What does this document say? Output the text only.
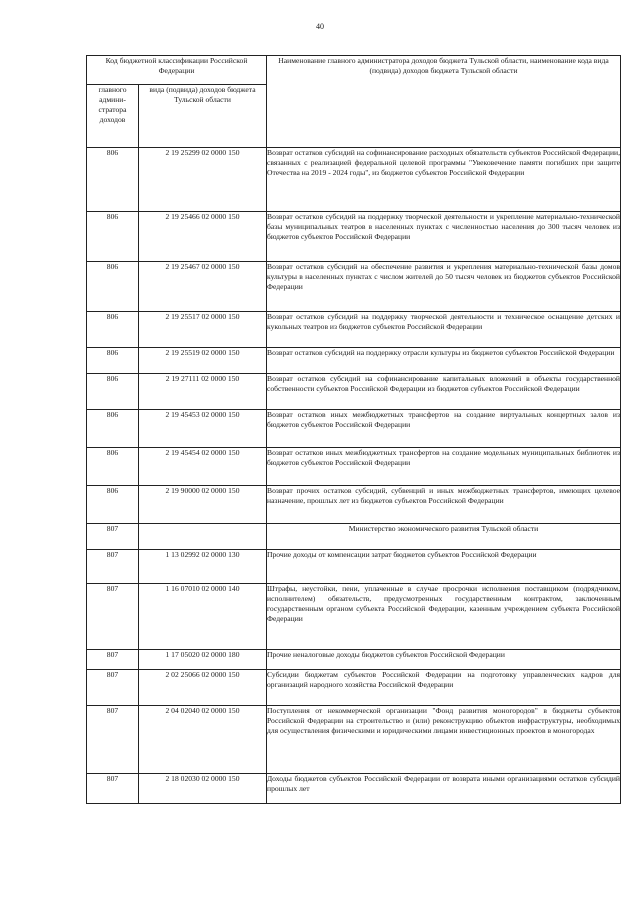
40
Код бюджетной классификации Российской Федерации		Наименование главного администратора доходов бюджета Тульской области, наименование кода вида (подвида) доходов бюджета Тульской области
главного админи-стратора доходов	вида (подвида) доходов бюджета Тульской области	
806	2 19 25299 02 0000 150	Возврат остатков субсидий на софинансирование расходных обязательств субъектов Российской Федерации, связанных с реализацией федеральной целевой программы "Увековечение памяти погибших при защите Отечества на 2019 - 2024 годы", из бюджетов субъектов Российской Федерации
806	2 19 25466 02 0000 150	Возврат остатков субсидий на поддержку творческой деятельности и укрепление материально-технической базы муниципальных театров в населенных пунктах с численностью населения до 300 тысяч человек из бюджетов субъектов Российской Федерации
806	2 19 25467 02 0000 150	Возврат остатков субсидий на обеспечение развития и укрепления материально-технической базы домов культуры в населенных пунктах с числом жителей до 50 тысяч человек из бюджетов субъектов Российской Федерации
806	2 19 25517 02 0000 150	Возврат остатков субсидий на поддержку творческой деятельности и техническое оснащение детских и кукольных театров из бюджетов субъектов Российской Федерации
806	2 19 25519 02 0000 150	Возврат остатков субсидий на поддержку отрасли культуры из бюджетов субъектов Российской Федерации
806	2 19 27111 02 0000 150	Возврат остатков субсидий на софинансирование капитальных вложений в объекты государственной собственности субъектов Российской Федерации из бюджетов субъектов Российской Федерации
806	2 19 45453 02 0000 150	Возврат остатков иных межбюджетных трансфертов на создание виртуальных концертных залов из бюджетов субъектов Российской Федерации
806	2 19 45454 02 0000 150	Возврат остатков иных межбюджетных трансфертов на создание модельных муниципальных библиотек из бюджетов субъектов Российской Федерации
806	2 19 90000 02 0000 150	Возврат прочих остатков субсидий, субвенций и иных межбюджетных трансфертов, имеющих целевое назначение, прошлых лет из бюджетов субъектов Российской Федерации
807		Министерство экономического развития Тульской области
807	1 13 02992 02 0000 130	Прочие доходы от компенсации затрат бюджетов субъектов Российской Федерации
807	1 16 07010 02 0000 140	Штрафы, неустойки, пени, уплаченные в случае просрочки исполнения поставщиком (подрядчиком, исполнителем) обязательств, предусмотренных государственным контрактом, заключенным государственным органом субъекта Российской Федерации, казенным учреждением субъекта Российской Федерации
807	1 17 05020 02 0000 180	Прочие неналоговые доходы бюджетов субъектов Российской Федерации
807	2 02 25066 02 0000 150	Субсидии бюджетам субъектов Российской Федерации на подготовку управленческих кадров для организаций народного хозяйства Российской Федерации
807	2 04 02040 02 0000 150	Поступления от некоммерческой организации "Фонд развития моногородов" в бюджеты субъектов Российской Федерации на строительство и (или) реконструкцию объектов инфраструктуры, необходимых для осуществления физическими и юридическими лицами инвестиционных проектов в моногородах
807	2 18 02030 02 0000 150	Доходы бюджетов субъектов Российской Федерации от возврата иными организациями остатков субсидий прошлых лет
